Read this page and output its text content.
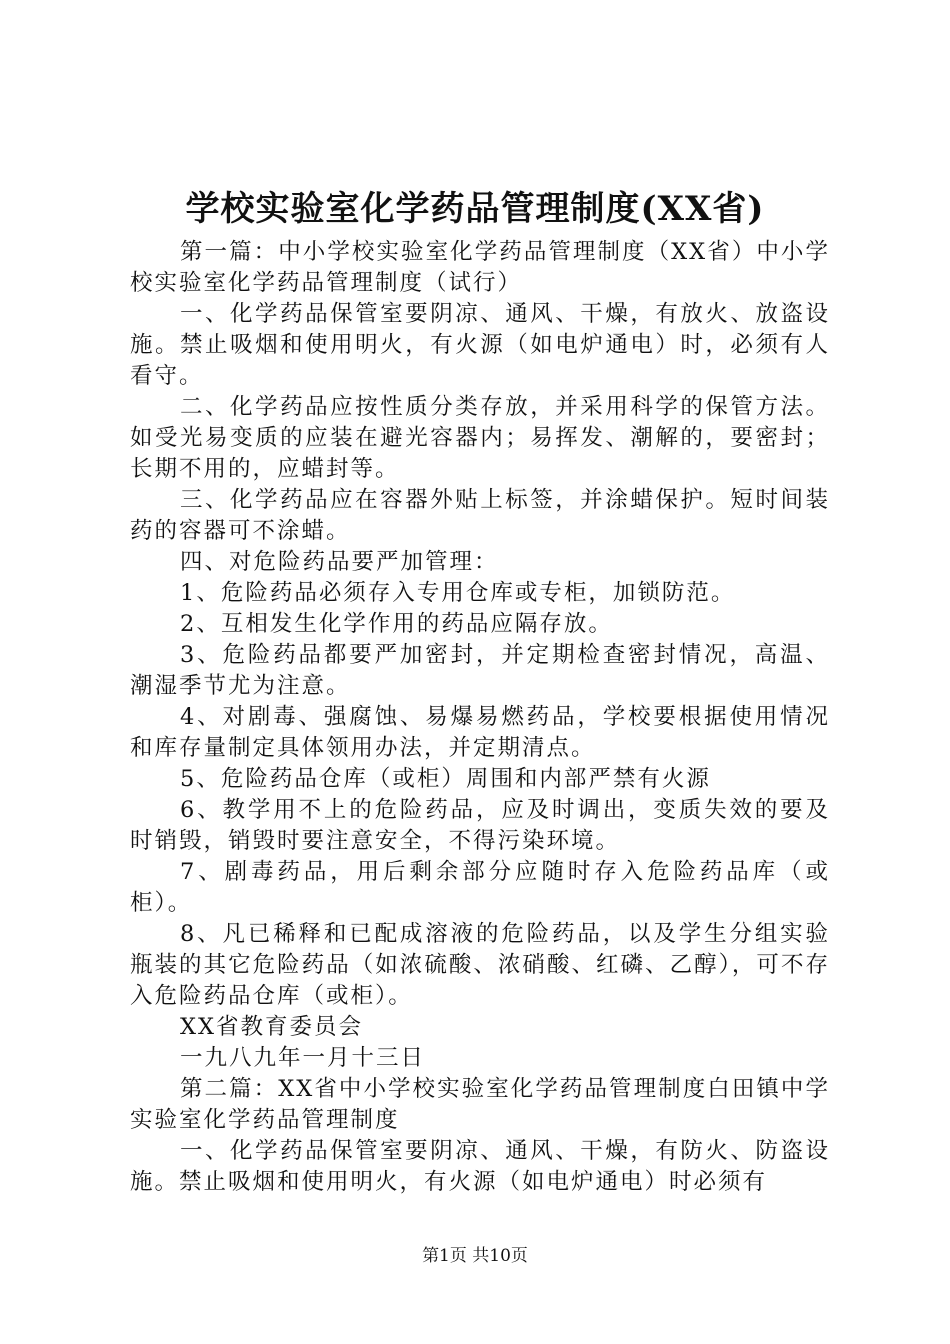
学校实验室化学药品管理制度(XX省)

第一篇：中小学校实验室化学药品管理制度（XX省）中小学校实验室化学药品管理制度（试行）

一、化学药品保管室要阴凉、通风、干燥，有放火、放盗设施。禁止吸烟和使用明火，有火源（如电炉通电）时，必须有人看守。

二、化学药品应按性质分类存放，并采用科学的保管方法。如受光易变质的应装在避光容器内；易挥发、潮解的，要密封；长期不用的，应蜡封等。

三、化学药品应在容器外贴上标签，并涂蜡保护。短时间装药的容器可不涂蜡。

四、对危险药品要严加管理：

1、危险药品必须存入专用仓库或专柜，加锁防范。

2、互相发生化学作用的药品应隔存放。

3、危险药品都要严加密封，并定期检查密封情况，高温、潮湿季节尤为注意。

4、对剧毒、强腐蚀、易爆易燃药品，学校要根据使用情况和库存量制定具体领用办法，并定期清点。

5、危险药品仓库（或柜）周围和内部严禁有火源

6、教学用不上的危险药品，应及时调出，变质失效的要及时销毁，销毁时要注意安全，不得污染环境。

7、剧毒药品，用后剩余部分应随时存入危险药品库（或柜）。

8、凡已稀释和已配成溶液的危险药品，以及学生分组实验瓶装的其它危险药品（如浓硫酸、浓硝酸、红磷、乙醇），可不存入危险药品仓库（或柜）。

XX省教育委员会

一九八九年一月十三日

第二篇：XX省中小学校实验室化学药品管理制度白田镇中学实验室化学药品管理制度

一、化学药品保管室要阴凉、通风、干燥，有防火、防盗设施。禁止吸烟和使用明火，有火源（如电炉通电）时必须有

第1页 共10页
